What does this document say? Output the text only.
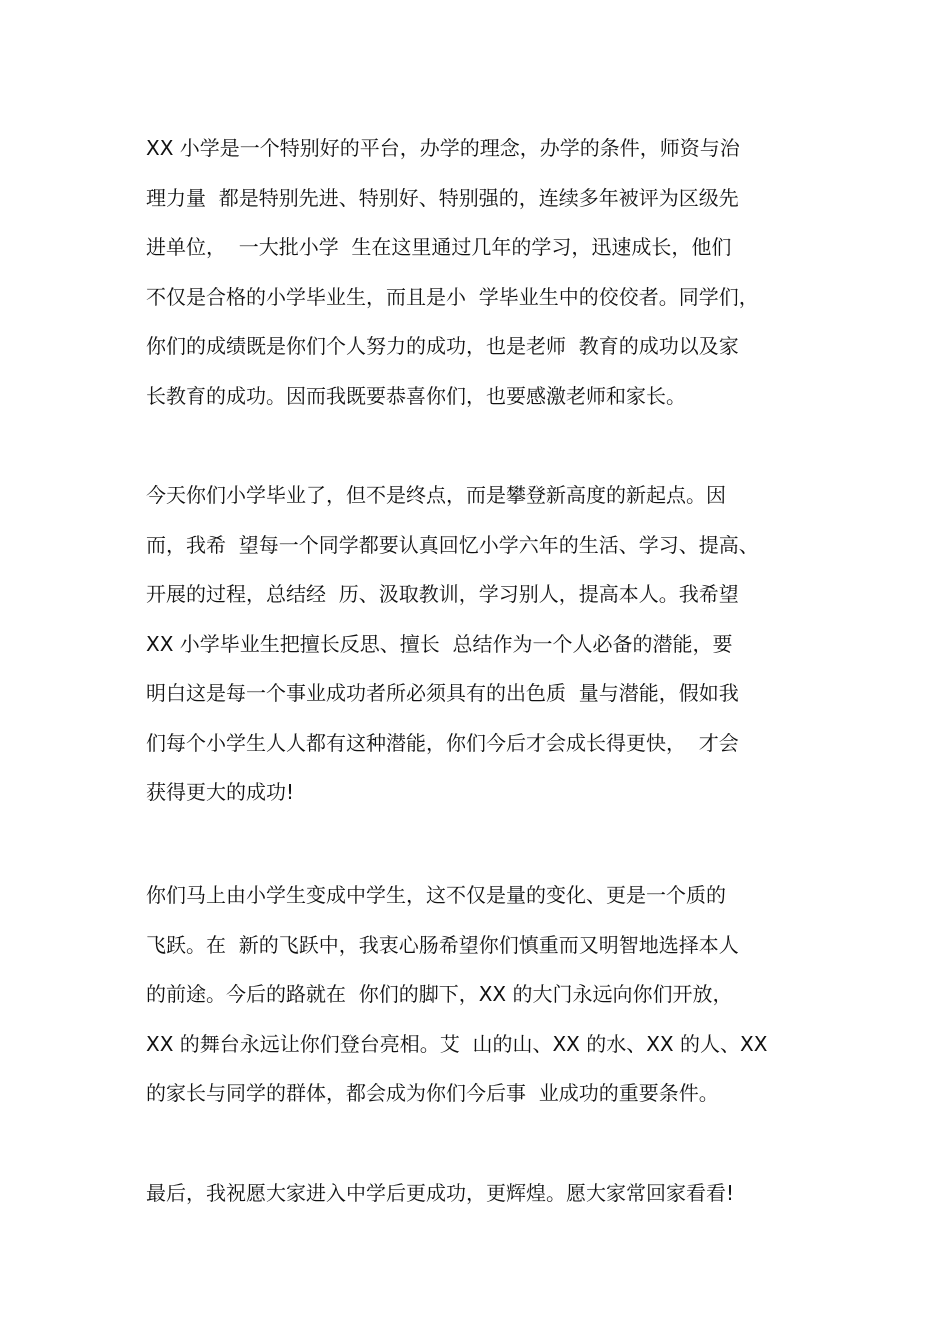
XX 小学是一个特别好的平台，办学的理念，办学的条件，师资与治
理力量  都是特别先进、特别好、特别强的，连续多年被评为区级先
进单位，  一大批小学  生在这里通过几年的学习，迅速成长，他们
不仅是合格的小学毕业生，而且是小  学毕业生中的佼佼者。同学们，
你们的成绩既是你们个人努力的成功，也是老师  教育的成功以及家
长教育的成功。因而我既要恭喜你们，也要感激老师和家长。
今天你们小学毕业了，但不是终点，而是攀登新高度的新起点。因
而，我希  望每一个同学都要认真回忆小学六年的生活、学习、提高、
开展的过程，总结经  历、汲取教训，学习别人，提高本人。我希望
XX 小学毕业生把擅长反思、擅长  总结作为一个人必备的潜能，要
明白这是每一个事业成功者所必须具有的出色质  量与潜能，假如我
们每个小学生人人都有这种潜能，你们今后才会成长得更快，  才会
获得更大的成功!
你们马上由小学生变成中学生，这不仅是量的变化、更是一个质的
飞跃。在  新的飞跃中，我衷心肠希望你们慎重而又明智地选择本人
的前途。今后的路就在  你们的脚下，XX 的大门永远向你们开放，
XX 的舞台永远让你们登台亮相。艾  山的山、XX 的水、XX 的人、XX
的家长与同学的群体，都会成为你们今后事  业成功的重要条件。
最后，我祝愿大家进入中学后更成功，更辉煌。愿大家常回家看看!
